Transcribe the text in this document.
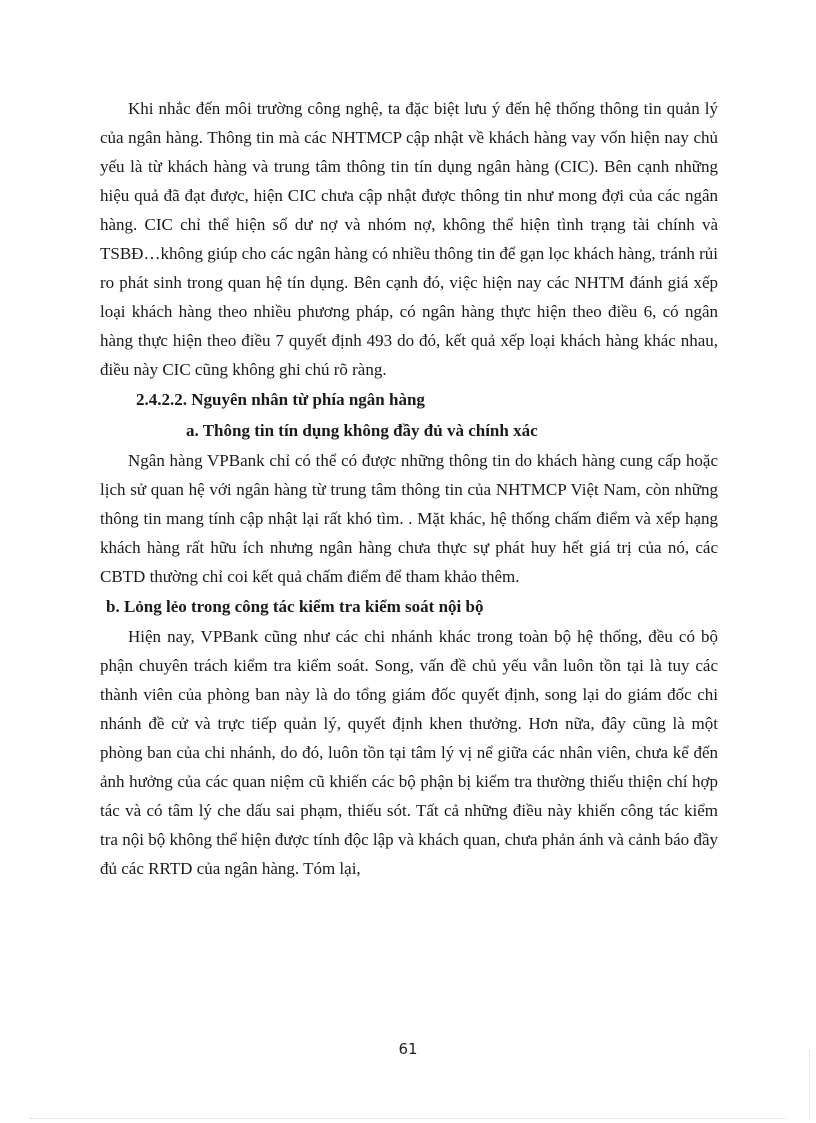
Khi nhắc đến môi trường công nghệ, ta đặc biệt lưu ý đến hệ thống thông tin quản lý của ngân hàng. Thông tin mà các NHTMCP cập nhật về khách hàng vay vốn hiện nay chủ yếu là từ khách hàng và trung tâm thông tin tín dụng ngân hàng (CIC). Bên cạnh những hiệu quả đã đạt được, hiện CIC chưa cập nhật được thông tin như mong đợi của các ngân hàng. CIC chỉ thể hiện số dư nợ và nhóm nợ, không thể hiện tình trạng tài chính và TSBĐ…không giúp cho các ngân hàng có nhiều thông tin để gạn lọc khách hàng, tránh rủi ro phát sinh trong quan hệ tín dụng. Bên cạnh đó, việc hiện nay các NHTM đánh giá xếp loại khách hàng theo nhiều phương pháp, có ngân hàng thực hiện theo điều 6, có ngân hàng thực hiện theo điều 7 quyết định 493 do đó, kết quả xếp loại khách hàng khác nhau, điều này CIC cũng không ghi chú rõ ràng.

2.4.2.2. Nguyên nhân từ phía ngân hàng

a. Thông tin tín dụng không đầy đủ và chính xác

Ngân hàng VPBank chỉ có thể có được những thông tin do khách hàng cung cấp hoặc lịch sử quan hệ với ngân hàng từ trung tâm thông tin của NHTMCP Việt Nam, còn những thông tin mang tính cập nhật lại rất khó tìm. . Mặt khác, hệ thống chấm điểm và xếp hạng khách hàng rất hữu ích nhưng ngân hàng chưa thực sự phát huy hết giá trị của nó, các CBTD thường chỉ coi kết quả chấm điểm để tham khảo thêm.

b. Lỏng lẻo trong công tác kiểm tra kiểm soát nội bộ

Hiện nay, VPBank cũng như các chi nhánh khác trong toàn bộ hệ thống, đều có bộ phận chuyên trách kiểm tra kiểm soát. Song, vấn đề chủ yếu vẫn luôn tồn tại là tuy các thành viên của phòng ban này là do tổng giám đốc quyết định, song lại do giám đốc chi nhánh đề cử và trực tiếp quản lý, quyết định khen thưởng. Hơn nữa, đây cũng là một phòng ban của chi nhánh, do đó, luôn tồn tại tâm lý vị nể giữa các nhân viên, chưa kể đến ảnh hưởng của các quan niệm cũ khiến các bộ phận bị kiểm tra thường thiếu thiện chí hợp tác và có tâm lý che dấu sai phạm, thiếu sót. Tất cả những điều này khiến công tác kiểm tra nội bộ không thể hiện được tính độc lập và khách quan, chưa phản ánh và cảnh báo đầy đủ các RRTD của ngân hàng. Tóm lại,

61
